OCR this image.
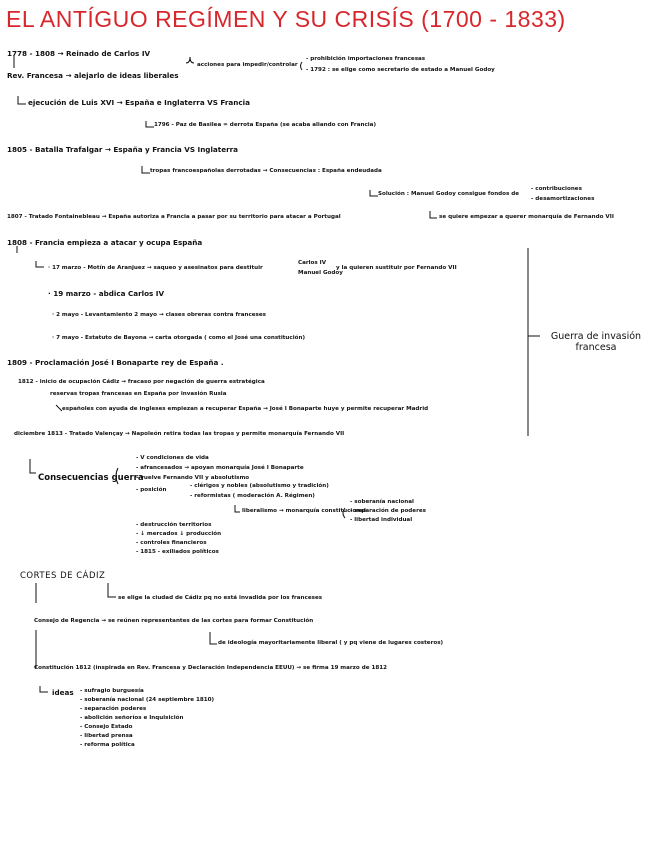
EL ANTÍGUO REGÍMEN Y SU CRISÍS (1700 - 1833)
1778 - 1808 → Reinado de Carlos IV
acciones para impedir/controlar
- prohibición importaciones francesas
- 1792 : se elige como secretario de estado a Manuel Godoy
Rev. Francesa → alejarlo de ideas liberales
ejecución de Luis XVI → España e Inglaterra VS Francia
1796 - Paz de Basilea = derrota España (se acaba aliando con Francia)
1805 - Batalla Trafalgar → España y Francia VS Inglaterra
tropas francoespañolas derrotadas → Consecuencias : España endeudada
Solución : Manuel Godoy consigue fondos de
- contribuciones
- desamortizaciones
1807 - Tratado Fontainebleau → España autoriza a Francia a pasar por su territorio para atacar a Portugal	se quiere empezar a querer monarquía de Fernando VII
1808 - Francia empieza a atacar y ocupa España
· 17 marzo - Motín de Aranjuez → saqueo y asesinatos para destituir
Carlos IV
Manuel Godoy
y la quieren sustituir por Fernando VII
· 19 marzo - abdica Carlos IV
· 2 mayo - Levantamiento 2 mayo → clases obreras contra franceses
· 7 mayo - Estatuto de Bayona → carta otorgada ( como el José una constitución)
1809 - Proclamación José I Bonaparte rey de España .
1812 - inicio de ocupación Cádiz → fracaso por negación de guerra estratégica
reservas tropas francesas en España por invasión Rusia
españoles con ayuda de ingleses empiezan a recuperar España → José I Bonaparte huye y permite recuperar Madrid
diciembre 1813 - Tratado Valençay → Napoleón retira todas las tropas y permite monarquía Fernando VII
Guerra de invasión francesa
Consecuencias guerra
- V condiciones de vida
- afrancesados → apoyan monarquía José I Bonaparte
- vuelve Fernando VII y absolutismo
- posición
- clérigos y nobles (absolutismo y tradición)
- reformistas ( moderación A. Régimen)
liberalismo → monarquía constitucional
- soberanía nacional
- separación de poderes
- libertad individual
- destrucción territorios
- ↓ mercados ↓ producción
- controles financieros
- 1815 - exiliados políticos
CORTES DE CÁDIZ
se elige la ciudad de Cádiz pq no está invadida por los franceses
Consejo de Regencia → se reúnen representantes de las cortes para formar Constitución
de ideología mayoritariamente liberal ( y pq viene de lugares costeros)
Constitución 1812 (inspirada en Rev. Francesa y Declaración Independencia EEUU) → se firma 19 marzo de 1812
ideas - sufragio burguesía
- soberanía nacional (24 septiembre 1810)
- separación poderes
- abolición señoríos e Inquisición
- Consejo Estado
- libertad prensa
- reforma política
